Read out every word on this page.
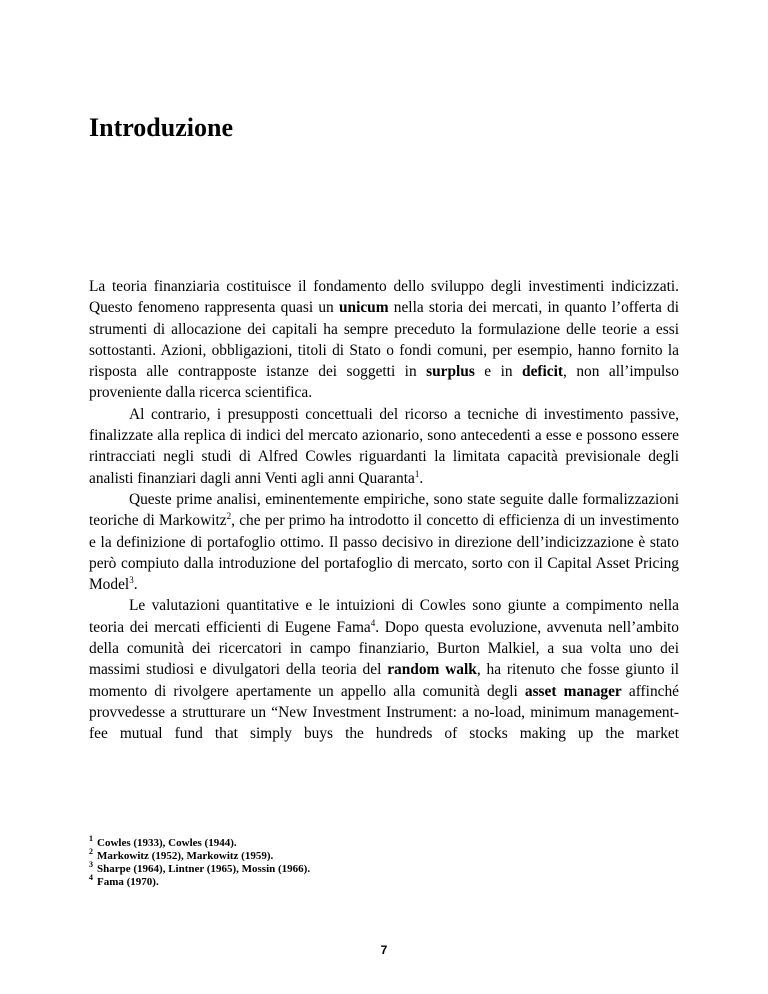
Introduzione

La teoria finanziaria costituisce il fondamento dello sviluppo degli investimenti indicizzati. Questo fenomeno rappresenta quasi un unicum nella storia dei mercati, in quanto l’offerta di strumenti di allocazione dei capitali ha sempre preceduto la formulazione delle teorie a essi sottostanti. Azioni, obbligazioni, titoli di Stato o fondi comuni, per esempio, hanno fornito la risposta alle contrapposte istanze dei soggetti in surplus e in deficit, non all’impulso proveniente dalla ricerca scientifica.

Al contrario, i presupposti concettuali del ricorso a tecniche di investimento passive, finalizzate alla replica di indici del mercato azionario, sono antecedenti a esse e possono essere rintracciati negli studi di Alfred Cowles riguardanti la limitata capacità previsionale degli analisti finanziari dagli anni Venti agli anni Quaranta$^1$.

Queste prime analisi, eminentemente empiriche, sono state seguite dalle formalizzazioni teoriche di Markowitz$^2$, che per primo ha introdotto il concetto di efficienza di un investimento e la definizione di portafoglio ottimo. Il passo decisivo in direzione dell’indicizzazione è stato però compiuto dalla introduzione del portafoglio di mercato, sorto con il Capital Asset Pricing Model$^3$.

Le valutazioni quantitative e le intuizioni di Cowles sono giunte a compimento nella teoria dei mercati efficienti di Eugene Fama$^4$. Dopo questa evoluzione, avvenuta nell’ambito della comunità dei ricercatori in campo finanziario, Burton Malkiel, a sua volta uno dei massimi studiosi e divulgatori della teoria del random walk, ha ritenuto che fosse giunto il momento di rivolgere apertamente un appello alla comunità degli asset manager affinché provvedesse a strutturare un “New Investment Instrument: a no-load, minimum management-fee mutual fund that simply buys the hundreds of stocks making up the market

$^1$ Cowles (1933), Cowles (1944).

$^2$ Markowitz (1952), Markowitz (1959).

$^3$ Sharpe (1964), Lintner (1965), Mossin (1966).

$^4$ Fama (1970).

7
